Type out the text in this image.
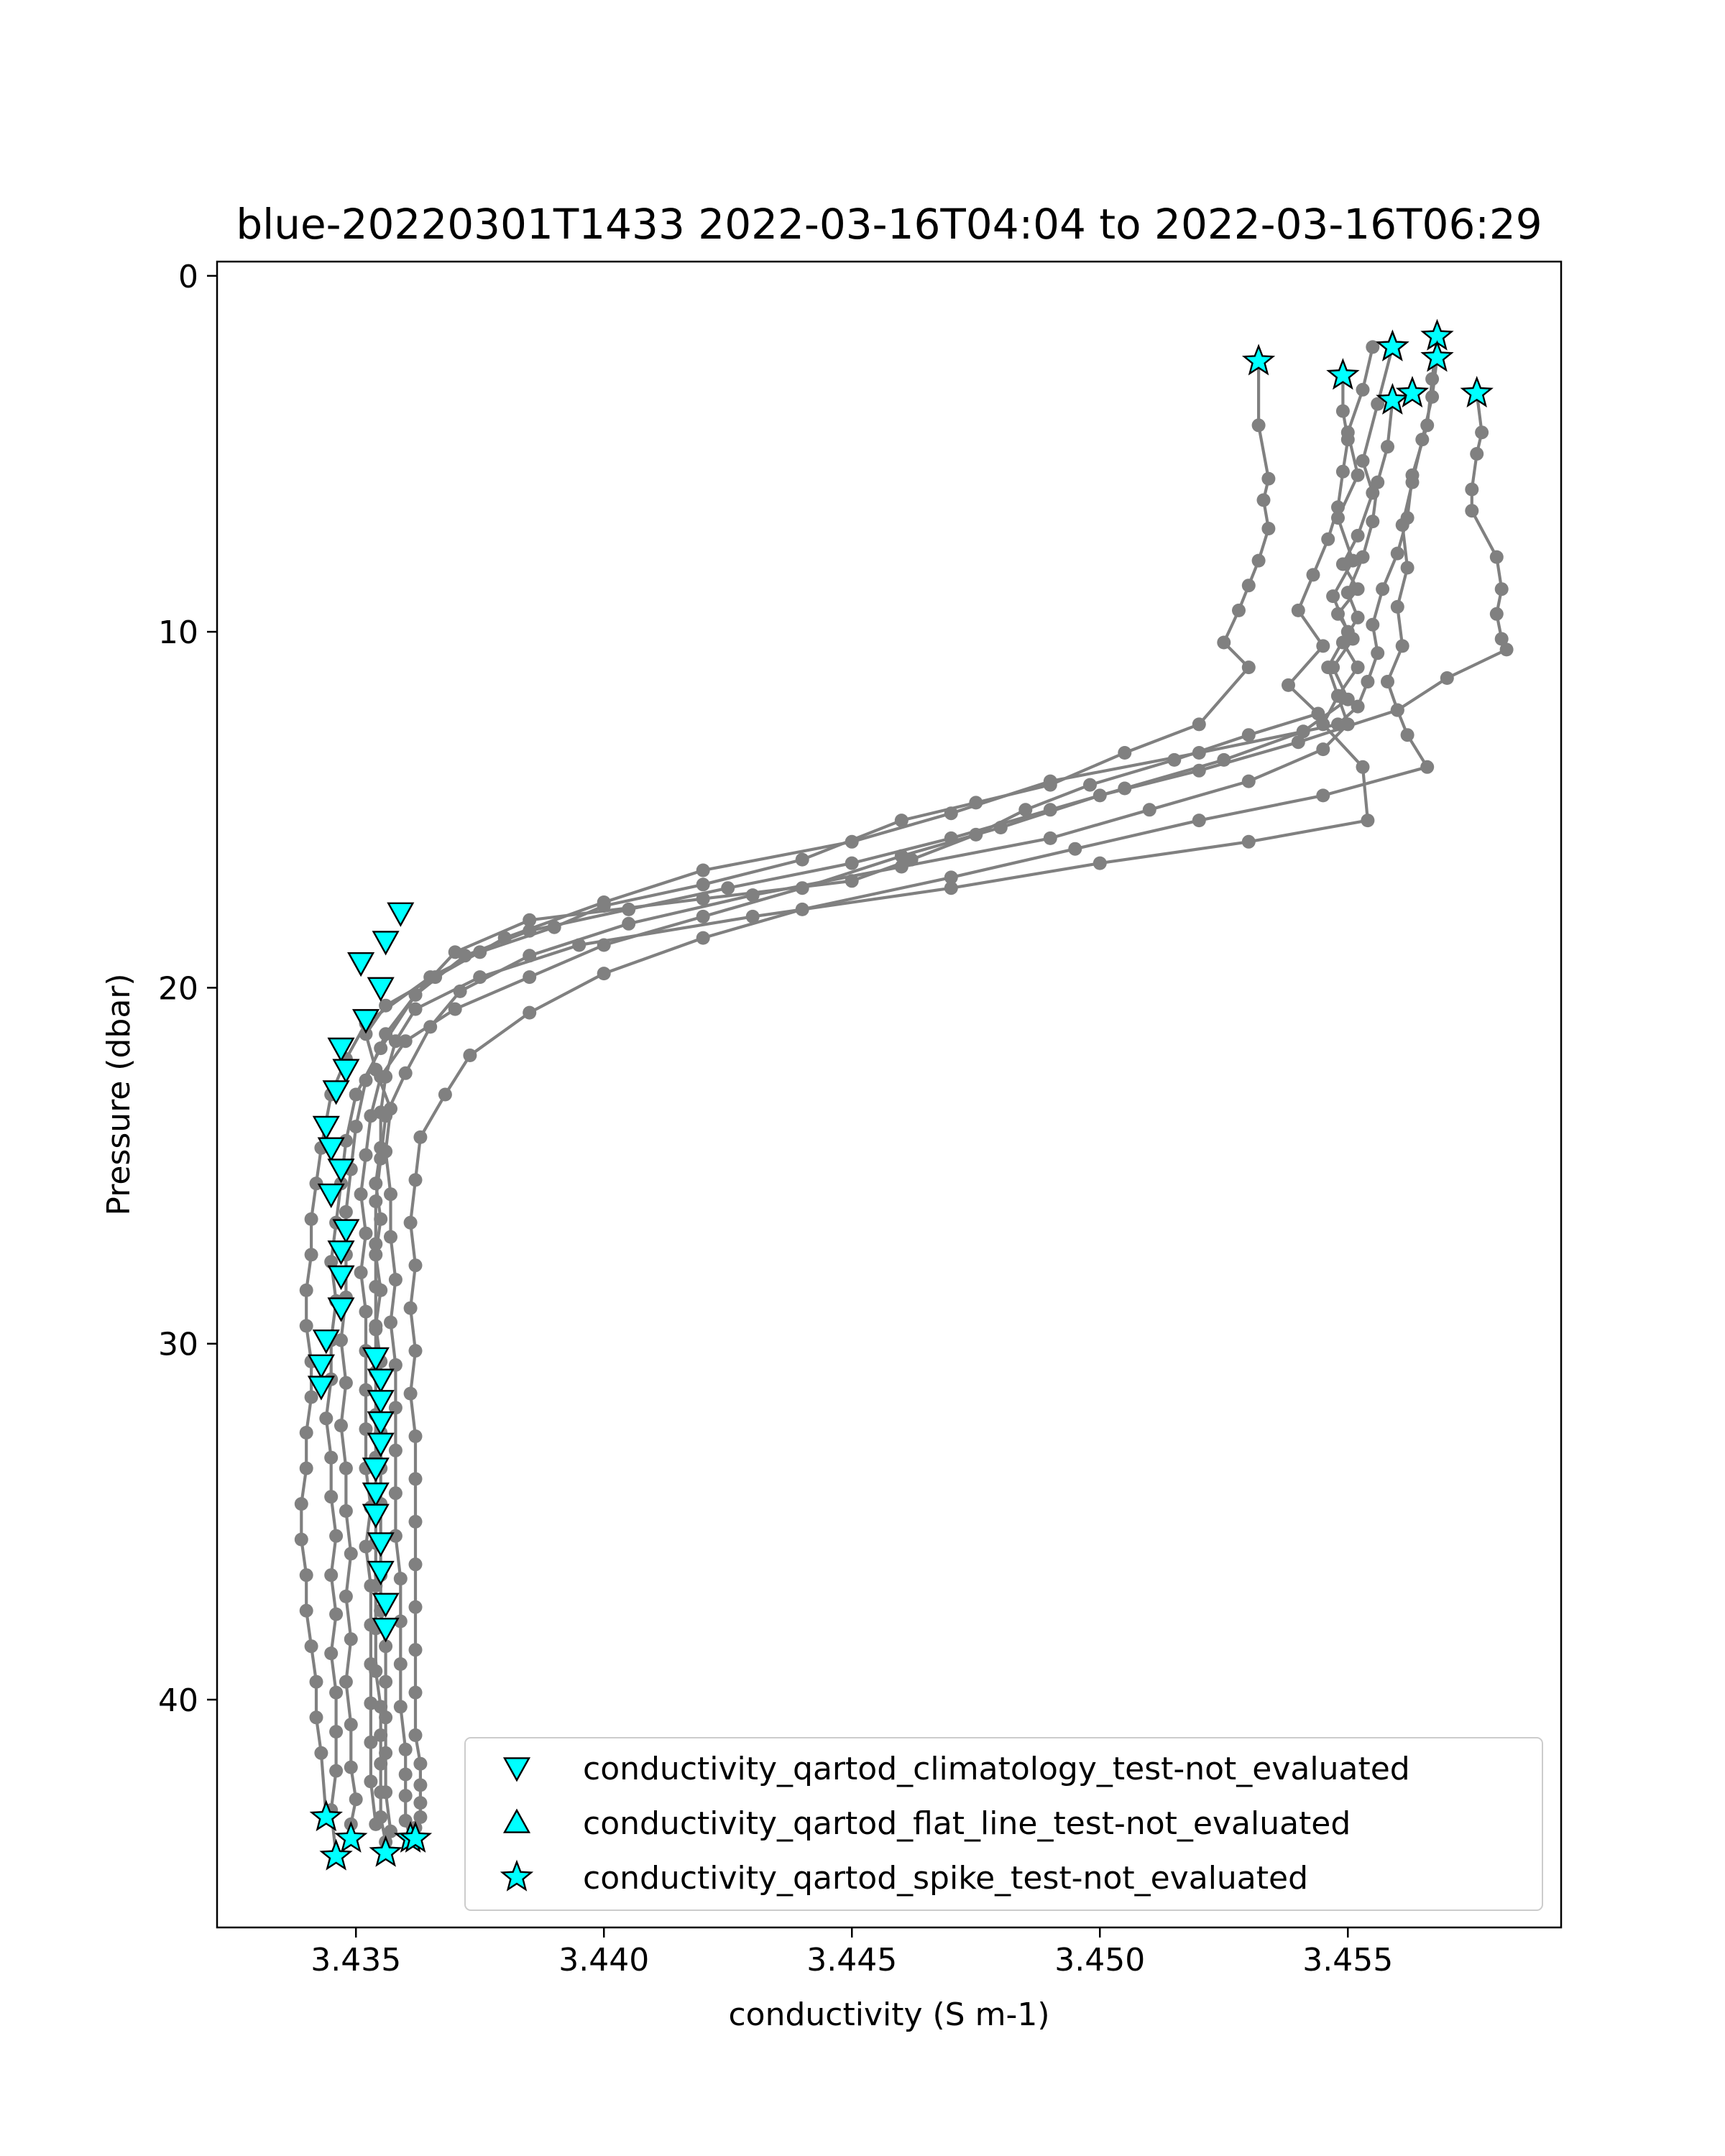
blue-20220301T1433 2022-03-16T04:04 to 2022-03-16T06:29
3.435	3.440	3.445	3.450	3.455
0
10
20
30
40
conductivity (S m-1)
Pressure (dbar)
conductivity_qartod_climatology_test-not_evaluated
conductivity_qartod_flat_line_test-not_evaluated
conductivity_qartod_spike_test-not_evaluated
